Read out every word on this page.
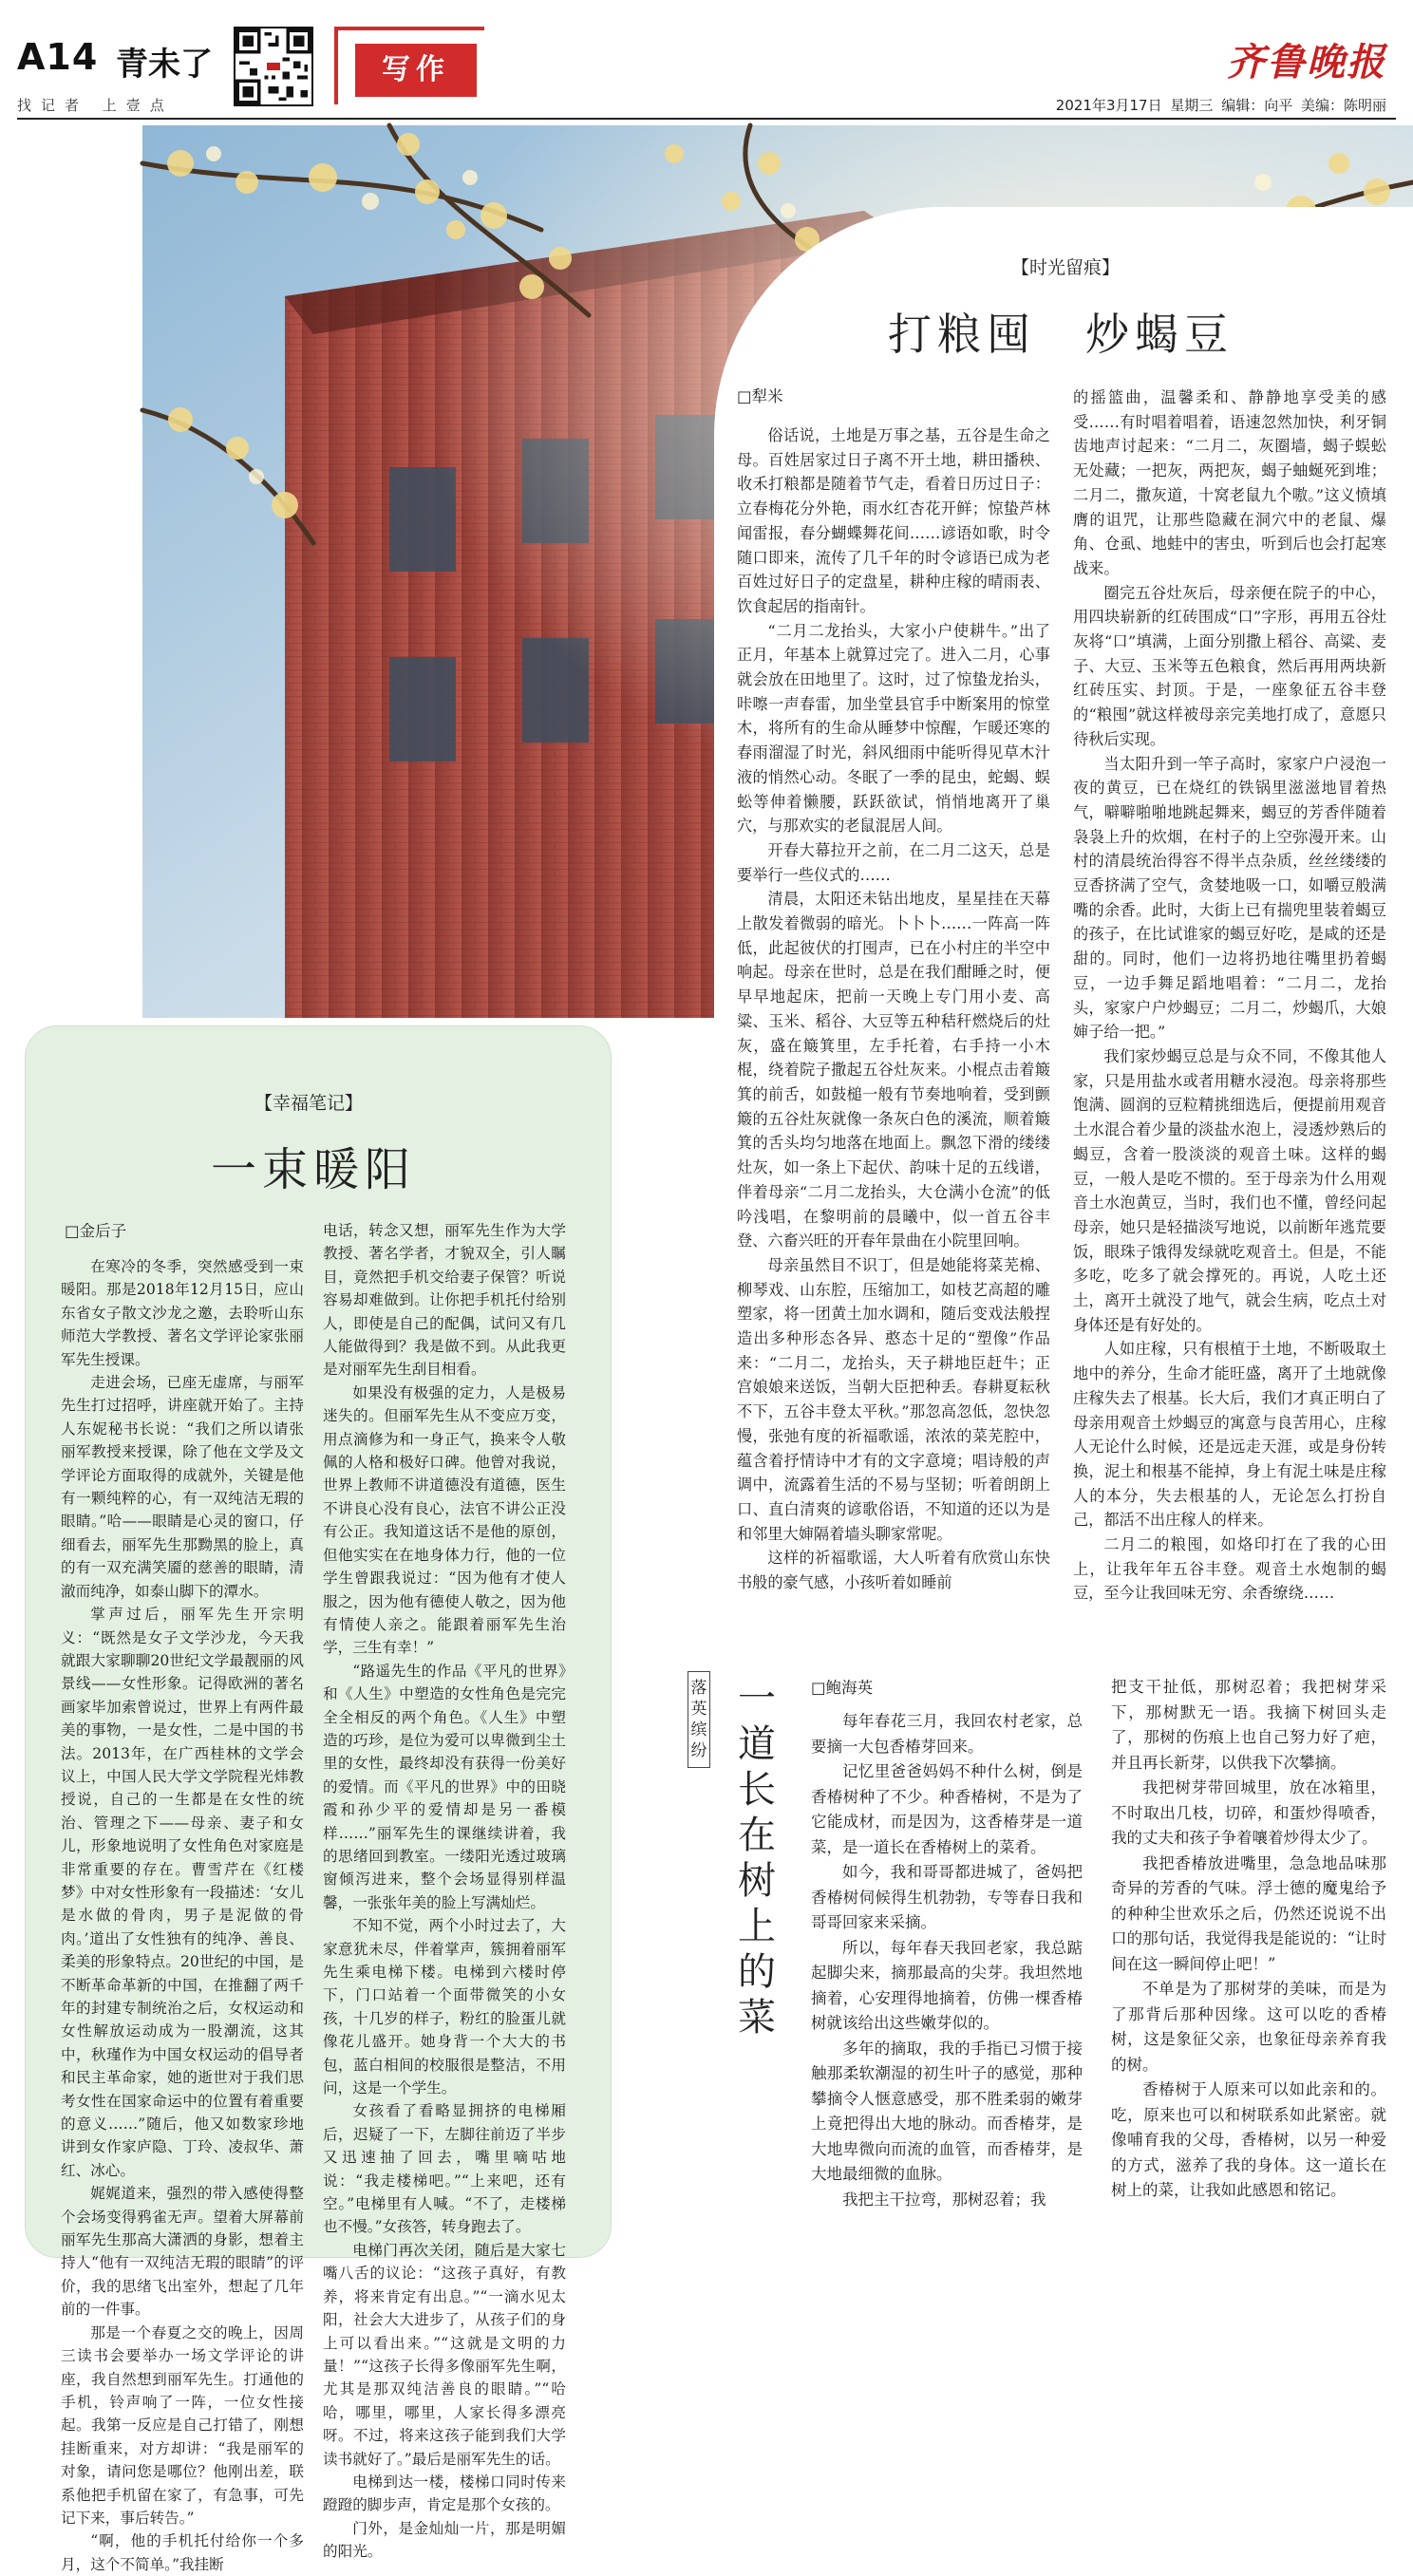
A14 青未了
找记者 上壹点
写作	齐鲁晚报
2021年3月17日 星期三 编辑：向平 美编：陈明丽
【时光留痕】
打粮囤　炒蝎豆
□犁米

俗话说，土地是万事之基，五谷是生命之母。百姓居家过日子离不开土地，耕田播秧、收禾打粮都是随着节气走，看着日历过日子：立春梅花分外艳，雨水红杏花开鲜；惊蛰芦林闻雷报，春分蝴蝶舞花间……谚语如歌，时令随口即来，流传了几千年的时令谚语已成为老百姓过好日子的定盘星，耕种庄稼的晴雨表、饮食起居的指南针。

“二月二龙抬头，大家小户使耕牛。”出了正月，年基本上就算过完了。进入二月，心事就会放在田地里了。这时，过了惊蛰龙抬头，咔嚓一声春雷，加坐堂县官手中断案用的惊堂木，将所有的生命从睡梦中惊醒，乍暖还寒的春雨溜湿了时光，斜风细雨中能听得见草木汁液的悄然心动。冬眠了一季的昆虫，蛇蝎、蜈蚣等伸着懒腰，跃跃欲试，悄悄地离开了巢穴，与那欢实的老鼠混居人间。

开春大幕拉开之前，在二月二这天，总是要举行一些仪式的……

清晨，太阳还未钻出地皮，星星挂在天幕上散发着微弱的暗光。卜卜卜……一阵高一阵低，此起彼伏的打囤声，已在小村庄的半空中响起。母亲在世时，总是在我们酣睡之时，便早早地起床，把前一天晚上专门用小麦、高粱、玉米、稻谷、大豆等五种秸秆燃烧后的灶灰，盛在簸箕里，左手托着，右手持一小木棍，绕着院子撒起五谷灶灰来。小棍点击着簸箕的前舌，如鼓槌一般有节奏地响着，受到颤簸的五谷灶灰就像一条灰白色的溪流，顺着簸箕的舌头均匀地落在地面上。飘忽下滑的缕缕灶灰，如一条上下起伏、韵味十足的五线谱，伴着母亲“二月二龙抬头，大仓满小仓流”的低吟浅唱，在黎明前的晨曦中，似一首五谷丰登、六畜兴旺的开春年景曲在小院里回响。

母亲虽然目不识丁，但是她能将菜芜棉、柳琴戏、山东腔，压缩加工，如枝艺高超的雕塑家，将一团黄土加水调和，随后变戏法般捏造出多种形态各异、憨态十足的“塑像”作品来：“二月二，龙抬头，天子耕地臣赶牛；正宫娘娘来送饭，当朝大臣把种丢。春耕夏耘秋不下，五谷丰登太平秋。”那忽高忽低，忽快忽慢，张弛有度的祈福歌谣，浓浓的菜芜腔中，蕴含着抒情诗中才有的文字意境；唱诗般的声调中，流露着生活的不易与坚韧；听着朗朗上口、直白清爽的谚歌俗语，不知道的还以为是和邻里大婶隔着墙头聊家常呢。

这样的祈福歌谣，大人听着有欣赏山东快书般的豪气感，小孩听着如睡前

的摇篮曲，温馨柔和、静静地享受美的感受……有时唱着唱着，语速忽然加快，利牙铜齿地声讨起来：“二月二，灰圈墙，蝎子蜈蚣无处藏；一把灰，两把灰，蝎子蚰蜒死到堆；二月二，撒灰道，十窝老鼠九个嗷。”这义愤填膺的诅咒，让那些隐藏在洞穴中的老鼠、爆角、仓虱、地蛙中的害虫，听到后也会打起寒战来。

圈完五谷灶灰后，母亲便在院子的中心，用四块崭新的红砖围成“口”字形，再用五谷灶灰将“口”填满，上面分别撒上稻谷、高粱、麦子、大豆、玉米等五色粮食，然后再用两块新红砖压实、封顶。于是，一座象征五谷丰登的“粮囤”就这样被母亲完美地打成了，意愿只待秋后实现。

当太阳升到一竿子高时，家家户户浸泡一夜的黄豆，已在烧红的铁锅里滋滋地冒着热气，噼噼啪啪地跳起舞来，蝎豆的芳香伴随着袅袅上升的炊烟，在村子的上空弥漫开来。山村的清晨统治得容不得半点杂质，丝丝缕缕的豆香挤满了空气，贪婪地吸一口，如嚼豆般满嘴的余香。此时，大街上已有揣兜里装着蝎豆的孩子，在比试谁家的蝎豆好吃，是咸的还是甜的。同时，他们一边将扔地往嘴里扔着蝎豆，一边手舞足蹈地唱着：“二月二，龙抬头，家家户户炒蝎豆；二月二，炒蝎爪，大娘婶子给一把。”

我们家炒蝎豆总是与众不同，不像其他人家，只是用盐水或者用糖水浸泡。母亲将那些饱满、圆润的豆粒精挑细选后，便提前用观音土水混合着少量的淡盐水泡上，浸透炒熟后的蝎豆，含着一股淡淡的观音土味。这样的蝎豆，一般人是吃不惯的。至于母亲为什么用观音土水泡黄豆，当时，我们也不懂，曾经问起母亲，她只是轻描淡写地说，以前断年逃荒要饭，眼珠子饿得发绿就吃观音土。但是，不能多吃，吃多了就会撑死的。再说，人吃土还土，离开土就没了地气，就会生病，吃点土对身体还是有好处的。

人如庄稼，只有根植于土地，不断吸取土地中的养分，生命才能旺盛，离开了土地就像庄稼失去了根基。长大后，我们才真正明白了母亲用观音土炒蝎豆的寓意与良苦用心，庄稼人无论什么时候，还是远走天涯，或是身份转换，泥土和根基不能掉，身上有泥土味是庄稼人的本分，失去根基的人，无论怎么打扮自己，都活不出庄稼人的样来。

二月二的粮囤，如烙印打在了我的心田上，让我年年五谷丰登。观音土水炮制的蝎豆，至今让我回味无穷、余香缭绕……

【幸福笔记】
一束暖阳
□金后子

在寒冷的冬季，突然感受到一束暖阳。那是2018年12月15日，应山东省女子散文沙龙之邀，去聆听山东师范大学教授、著名文学评论家张丽军先生授课。

走进会场，已座无虚席，与丽军先生打过招呼，讲座就开始了。主持人东妮秘书长说：“我们之所以请张丽军教授来授课，除了他在文学及文学评论方面取得的成就外，关键是他有一颗纯粹的心，有一双纯洁无瑕的眼睛。”哈——眼睛是心灵的窗口，仔细看去，丽军先生那黝黑的脸上，真的有一双充满笑靥的慈善的眼睛，清澈而纯净，如泰山脚下的潭水。

掌声过后，丽军先生开宗明义：“既然是女子文学沙龙，今天我就跟大家聊聊20世纪文学最靓丽的风景线——女性形象。记得欧洲的著名画家毕加索曾说过，世界上有两件最美的事物，一是女性，二是中国的书法。2013年，在广西桂林的文学会议上，中国人民大学文学院程光炜教授说，自己的一生都是在女性的统治、管理之下——母亲、妻子和女儿，形象地说明了女性角色对家庭是非常重要的存在。曹雪芹在《红楼梦》中对女性形象有一段描述：‘女儿是水做的骨肉，男子是泥做的骨肉。’道出了女性独有的纯净、善良、柔美的形象特点。20世纪的中国，是不断革命革新的中国，在推翻了两千年的封建专制统治之后，女权运动和女性解放运动成为一股潮流，这其中，秋瑾作为中国女权运动的倡导者和民主革命家，她的逝世对于我们思考女性在国家命运中的位置有着重要的意义……”随后，他又如数家珍地讲到女作家庐隐、丁玲、凌叔华、萧红、冰心。

娓娓道来，强烈的带入感使得整个会场变得鸦雀无声。望着大屏幕前丽军先生那高大潇洒的身影，想着主持人“他有一双纯洁无瑕的眼睛”的评价，我的思绪飞出室外，想起了几年前的一件事。

那是一个春夏之交的晚上，因周三读书会要举办一场文学评论的讲座，我自然想到丽军先生。打通他的手机，铃声响了一阵，一位女性接起。我第一反应是自己打错了，刚想挂断重来，对方却讲：“我是丽军的对象，请问您是哪位？他刚出差，联系他把手机留在家了，有急事，可先记下来，事后转告。”

“啊，他的手机托付给你一个多月，这个不简单。”我挂断

电话，转念又想，丽军先生作为大学教授、著名学者，才貌双全，引人瞩目，竟然把手机交给妻子保管？听说容易却难做到。让你把手机托付给别人，即使是自己的配偶，试问又有几人能做得到？我是做不到。从此我更是对丽军先生刮目相看。

如果没有极强的定力，人是极易迷失的。但丽军先生从不变应万变，用点滴修为和一身正气，换来令人敬佩的人格和极好口碑。他曾对我说，世界上教师不讲道德没有道德，医生不讲良心没有良心，法官不讲公正没有公正。我知道这话不是他的原创，但他实实在在地身体力行，他的一位学生曾跟我说过：“因为他有才使人服之，因为他有德使人敬之，因为他有情使人亲之。能跟着丽军先生治学，三生有幸！”

“路遥先生的作品《平凡的世界》和《人生》中塑造的女性角色是完完全全相反的两个角色。《人生》中塑造的巧珍，是位为爱可以卑微到尘土里的女性，最终却没有获得一份美好的爱情。而《平凡的世界》中的田晓霞和孙少平的爱情却是另一番模样……”丽军先生的课继续讲着，我的思绪回到教室。一缕阳光透过玻璃窗倾泻进来，整个会场显得别样温馨，一张张年美的脸上写满灿烂。

不知不觉，两个小时过去了，大家意犹未尽，伴着掌声，簇拥着丽军先生乘电梯下楼。电梯到六楼时停下，门口站着一个面带微笑的小女孩，十几岁的样子，粉红的脸蛋儿就像花儿盛开。她身背一个大大的书包，蓝白相间的校服很是整洁，不用问，这是一个学生。

女孩看了看略显拥挤的电梯厢后，迟疑了一下，左脚往前迈了半步又迅速抽了回去，嘴里嘀咕地说：“我走楼梯吧。”“上来吧，还有空。”电梯里有人喊。“不了，走楼梯也不慢。”女孩答，转身跑去了。

电梯门再次关闭，随后是大家七嘴八舌的议论：“这孩子真好，有教养，将来肯定有出息。”“一滴水见太阳，社会大大进步了，从孩子们的身上可以看出来。”“这就是文明的力量！”“这孩子长得多像丽军先生啊，尤其是那双纯洁善良的眼睛。”“哈哈，哪里，哪里，人家长得多漂亮呀。不过，将来这孩子能到我们大学读书就好了。”最后是丽军先生的话。

电梯到达一楼，楼梯口同时传来蹬蹬的脚步声，肯定是那个女孩的。

门外，是金灿灿一片，那是明媚的阳光。

落英缤纷
一道长在树上的菜
□鲍海英

每年春花三月，我回农村老家，总要摘一大包香椿芽回来。

记忆里爸爸妈妈不种什么树，倒是香椿树种了不少。种香椿树，不是为了它能成材，而是因为，这香椿芽是一道菜，是一道长在香椿树上的菜肴。

如今，我和哥哥都进城了，爸妈把香椿树伺候得生机勃勃，专等春日我和哥哥回家来采摘。

所以，每年春天我回老家，我总踮起脚尖来，摘那最高的尖芽。我坦然地摘着，心安理得地摘着，仿佛一棵香椿树就该给出这些嫩芽似的。

多年的摘取，我的手指已习惯于接触那柔软潮湿的初生叶子的感觉，那种攀摘令人惬意感受，那不胜柔弱的嫩芽上竟把得出大地的脉动。而香椿芽，是大地卑微向而流的血管，而香椿芽，是大地最细微的血脉。

我把主干拉弯，那树忍着；我

把支干扯低，那树忍着；我把树芽采下，那树默无一语。我摘下树回头走了，那树的伤痕上也自己努力好了疤，并且再长新芽，以供我下次攀摘。

我把树芽带回城里，放在冰箱里，不时取出几枝，切碎，和蛋炒得喷香，我的丈夫和孩子争着嚷着炒得太少了。

我把香椿放进嘴里，急急地品味那奇异的芳香的气味。浮士德的魔鬼给予的种种尘世欢乐之后，仍然还说说不出口的那句话，我觉得我是能说的：“让时间在这一瞬间停止吧！”

不单是为了那树芽的美味，而是为了那背后那种因缘。这可以吃的香椿树，这是象征父亲，也象征母亲养育我的树。

香椿树于人原来可以如此亲和的。吃，原来也可以和树联系如此紧密。就像哺育我的父母，香椿树，以另一种爱的方式，滋养了我的身体。这一道长在树上的菜，让我如此感恩和铭记。
